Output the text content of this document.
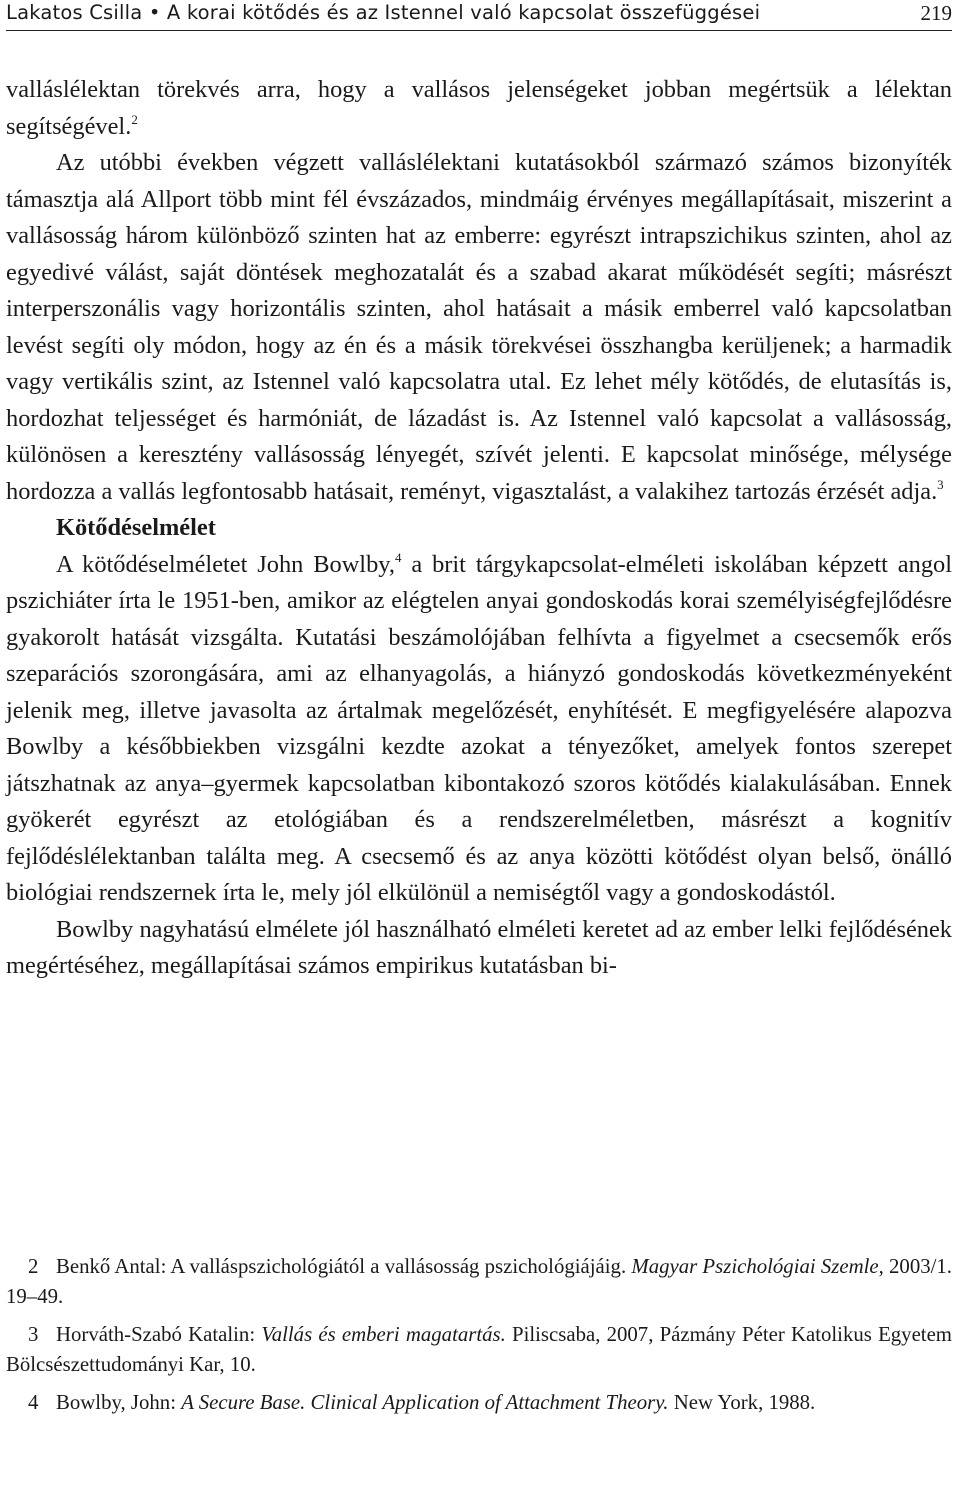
Lakatos Csilla • A korai kötődés és az Istennel való kapcsolat összefüggései	219

valláslélektan törekvés arra, hogy a vallásos jelenségeket jobban megértsük a lélektan segítségével.$^2$

Az utóbbi években végzett valláslélektani kutatásokból származó számos bizonyíték támasztja alá Allport több mint fél évszázados, mindmáig érvényes megállapításait, miszerint a vallásosság három különböző szinten hat az emberre: egyrészt intrapszichikus szinten, ahol az egyedivé válást, saját döntések meghozatalát és a szabad akarat működését segíti; másrészt interperszonális vagy horizontális szinten, ahol hatásait a másik emberrel való kapcsolatban levést segíti oly módon, hogy az én és a másik törekvései összhangba kerüljenek; a harmadik vagy vertikális szint, az Istennel való kapcsolatra utal. Ez lehet mély kötődés, de elutasítás is, hordozhat teljességet és harmóniát, de lázadást is. Az Istennel való kapcsolat a vallásosság, különösen a keresztény vallásosság lényegét, szívét jelenti. E kapcsolat minősége, mélysége hordozza a vallás legfontosabb hatásait, reményt, vigasztalást, a valakihez tartozás érzését adja.$^3$

Kötődéselmélet

A kötődéselméletet John Bowlby,$^4$ a brit tárgykapcsolat-elméleti iskolában képzett angol pszichiáter írta le 1951-ben, amikor az elégtelen anyai gondoskodás korai személyiségfejlődésre gyakorolt hatását vizsgálta. Kutatási beszámolójában felhívta a figyelmet a csecsemők erős szeparációs szorongására, ami az elhanyagolás, a hiányzó gondoskodás következményeként jelenik meg, illetve javasolta az ártalmak megelőzését, enyhítését. E megfigyelésére alapozva Bowlby a későbbiekben vizsgálni kezdte azokat a tényezőket, amelyek fontos szerepet játszhatnak az anya–gyermek kapcsolatban kibontakozó szoros kötődés kialakulásában. Ennek gyökerét egyrészt az etológiában és a rendszerelméletben, másrészt a kognitív fejlődéslélektanban találta meg. A csecsemő és az anya közötti kötődést olyan belső, önálló biológiai rendszernek írta le, mely jól elkülönül a nemiségtől vagy a gondoskodástól.

Bowlby nagyhatású elmélete jól használható elméleti keretet ad az ember lelki fejlődésének megértéséhez, megállapításai számos empirikus kutatásban bi-

2 Benkő Antal: A valláspszichológiától a vallásosság pszichológiájáig. Magyar Pszichológiai Szemle, 2003/1. 19–49.

3 Horváth-Szabó Katalin: Vallás és emberi magatartás. Piliscsaba, 2007, Pázmány Péter Katolikus Egyetem Bölcsészettudományi Kar, 10.

4 Bowlby, John: A Secure Base. Clinical Application of Attachment Theory. New York, 1988.
